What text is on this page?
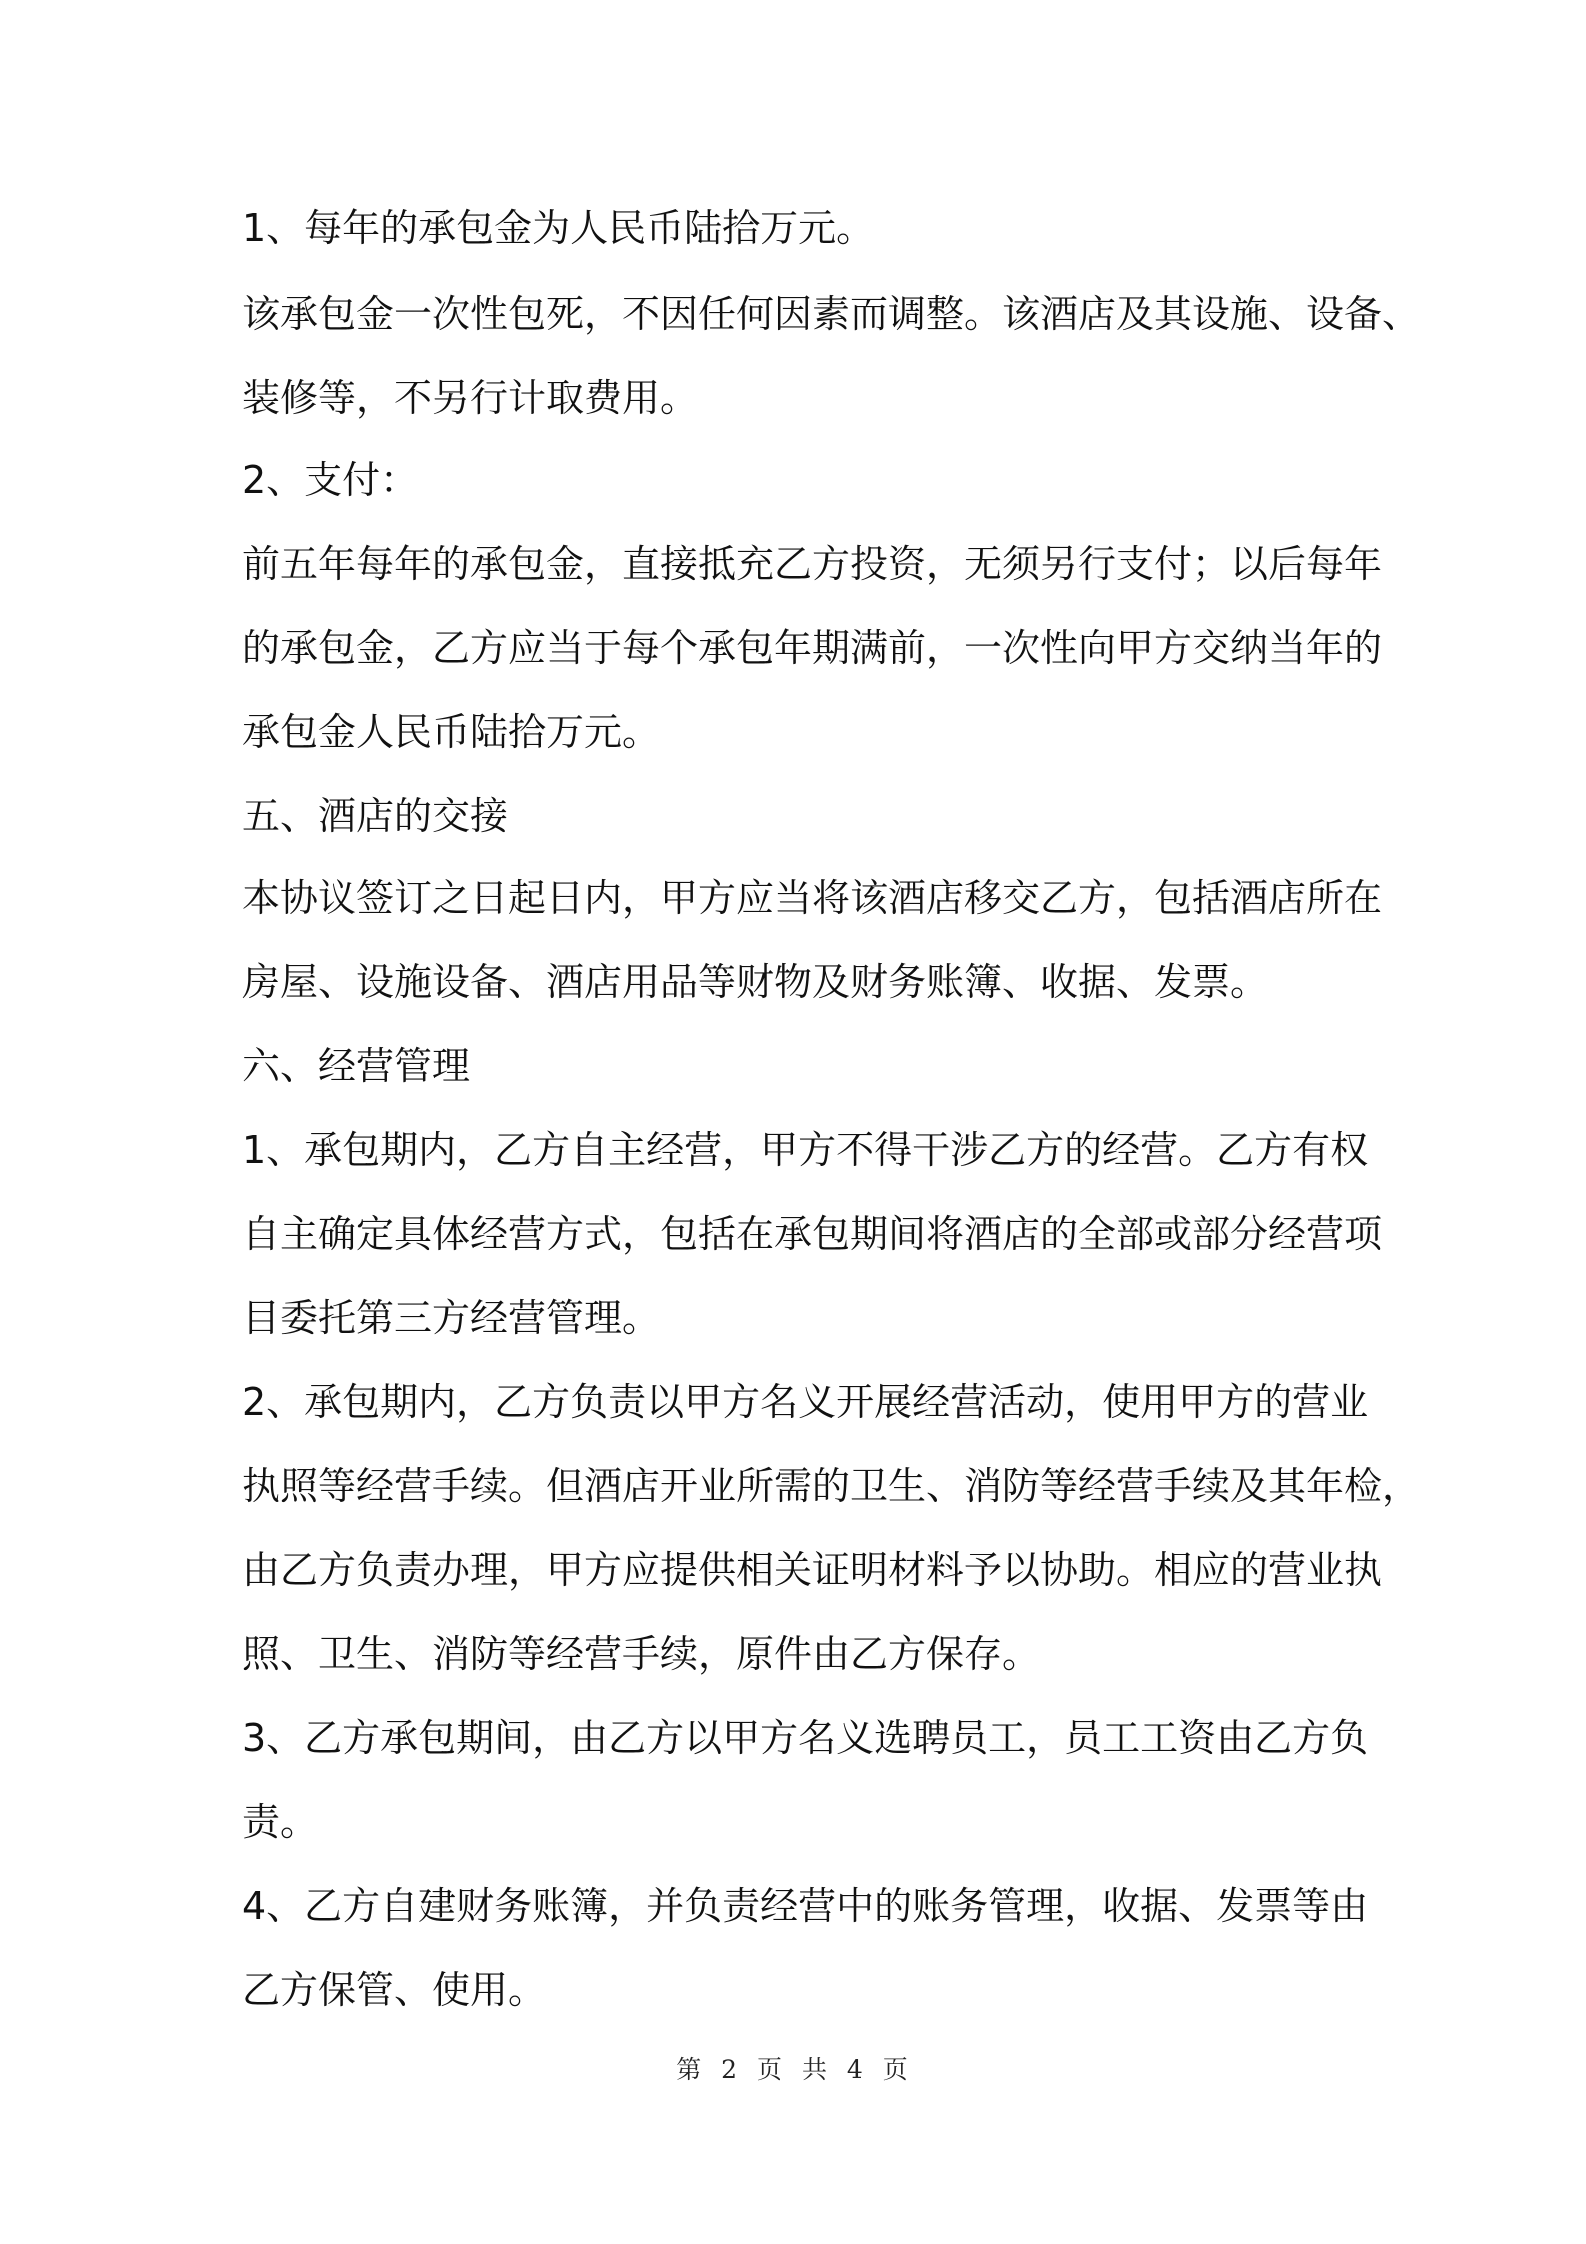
1、每年的承包金为人民币陆拾万元。
该承包金一次性包死，不因任何因素而调整。该酒店及其设施、设备、
装修等，不另行计取费用。
2、支付：
前五年每年的承包金，直接抵充乙方投资，无须另行支付；以后每年
的承包金，乙方应当于每个承包年期满前，一次性向甲方交纳当年的
承包金人民币陆拾万元。
五、酒店的交接
本协议签订之日起日内，甲方应当将该酒店移交乙方，包括酒店所在
房屋、设施设备、酒店用品等财物及财务账簿、收据、发票。
六、经营管理
1、承包期内，乙方自主经营，甲方不得干涉乙方的经营。乙方有权
自主确定具体经营方式，包括在承包期间将酒店的全部或部分经营项
目委托第三方经营管理。
2、承包期内，乙方负责以甲方名义开展经营活动，使用甲方的营业
执照等经营手续。但酒店开业所需的卫生、消防等经营手续及其年检，
由乙方负责办理，甲方应提供相关证明材料予以协助。相应的营业执
照、卫生、消防等经营手续，原件由乙方保存。
3、乙方承包期间，由乙方以甲方名义选聘员工，员工工资由乙方负
责。
4、乙方自建财务账簿，并负责经营中的账务管理，收据、发票等由
乙方保管、使用。
第 2 页 共 4 页
